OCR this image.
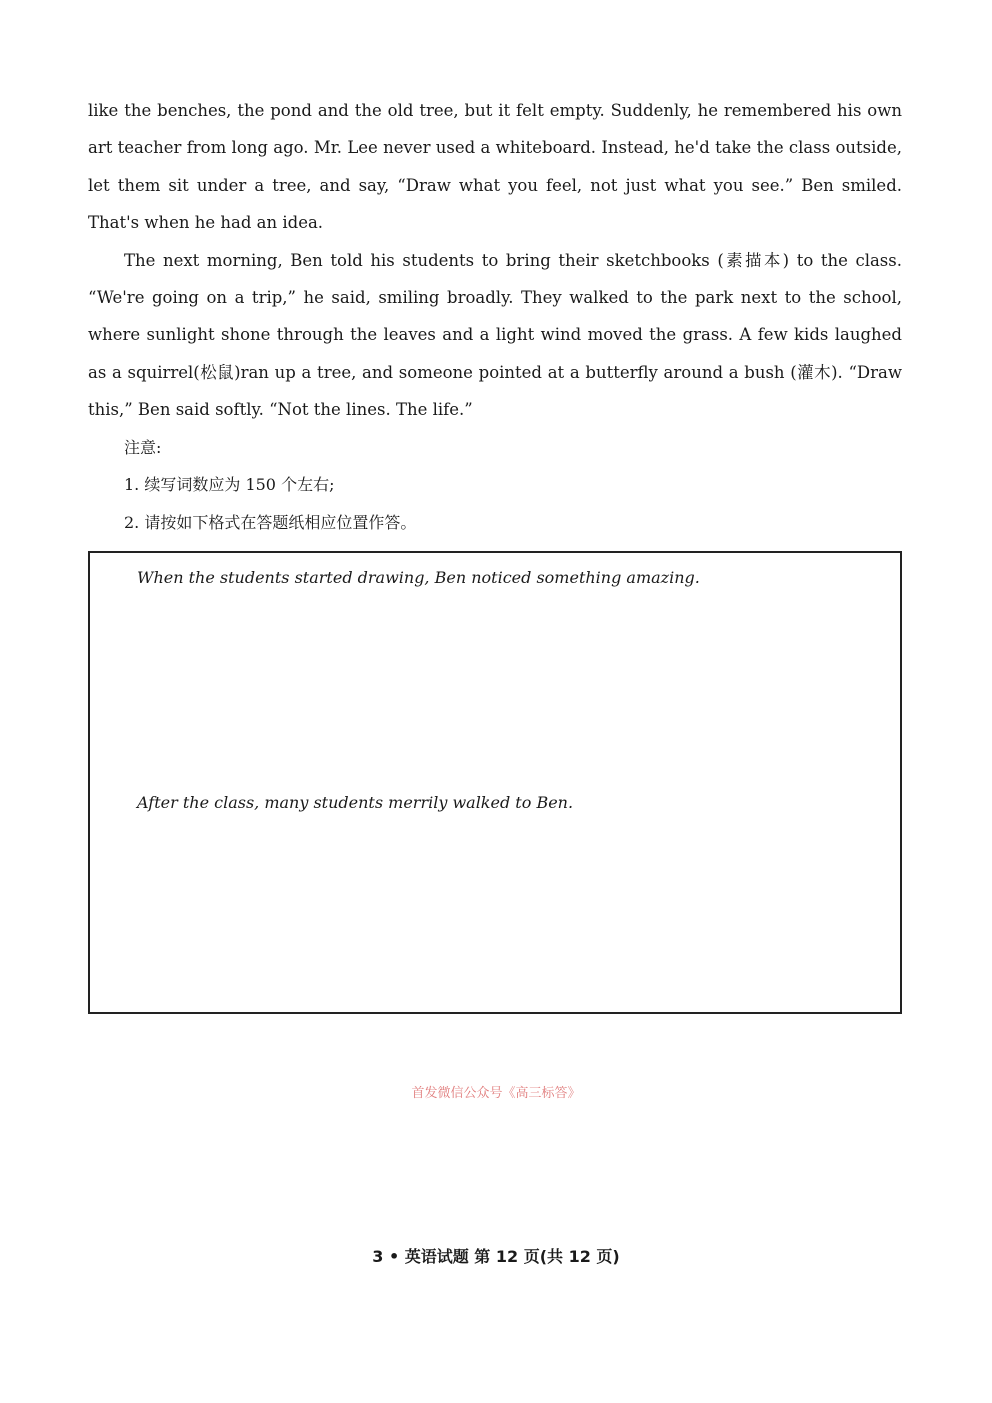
like the benches, the pond and the old tree, but it felt empty. Suddenly, he remembered his own art teacher from long ago. Mr. Lee never used a whiteboard. Instead, he'd take the class outside, let them sit under a tree, and say, “Draw what you feel, not just what you see.” Ben smiled. That's when he had an idea.

The next morning, Ben told his students to bring their sketchbooks (素描本) to the class. “We're going on a trip,” he said, smiling broadly. They walked to the park next to the school, where sunlight shone through the leaves and a light wind moved the grass. A few kids laughed as a squirrel(松鼠)ran up a tree, and someone pointed at a butterfly around a bush (灌木). “Draw this,” Ben said softly. “Not the lines. The life.”

注意:
1. 续写词数应为 150 个左右;
2. 请按如下格式在答题纸相应位置作答。
When the students started drawing, Ben noticed something amazing.
After the class, many students merrily walked to Ben.
首发微信公众号《高三标答》
3 • 英语试题 第 12 页(共 12 页)
